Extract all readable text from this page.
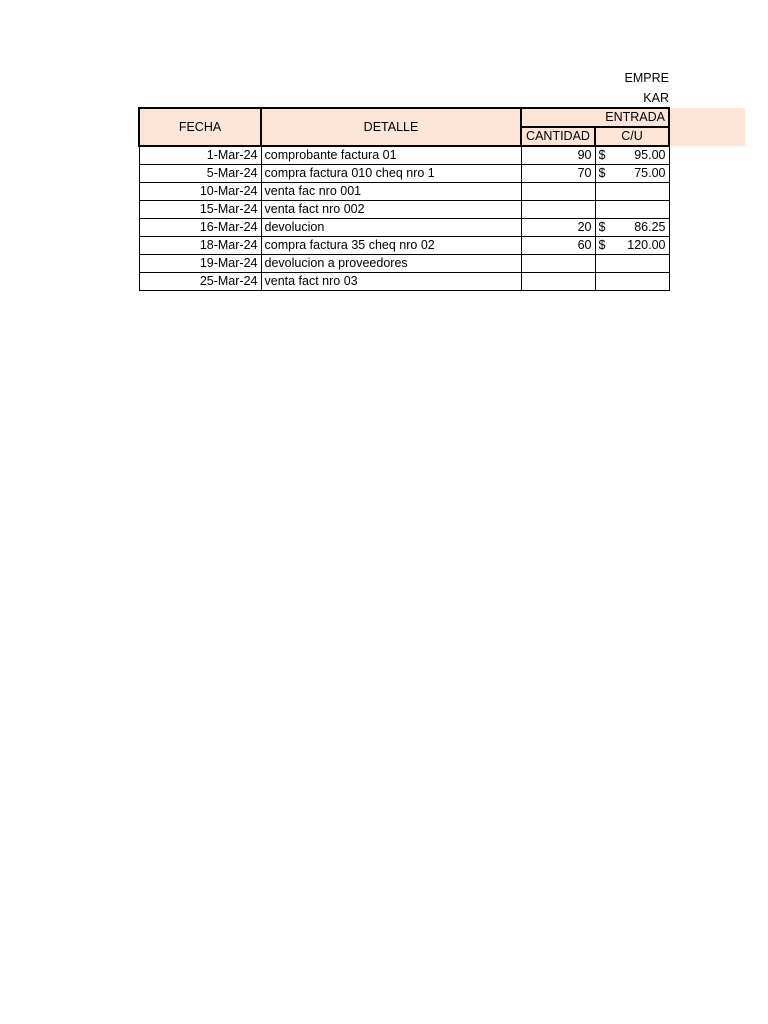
EMPRE
KAR
FECHA	DETALLE	ENTRADA	
		CANTIDAD	C/U
1-Mar-24	comprobante factura 01	90	$ 95.00

5-Mar-24	compra factura 010 cheq nro 1	70	$ 75.00

10-Mar-24	venta fac nro 001		

15-Mar-24	venta fact nro 002		

16-Mar-24	devolucion	20	$ 86.25

18-Mar-24	compra factura 35 cheq nro 02	60	$ 120.00

19-Mar-24	devolucion a proveedores		

25-Mar-24	venta fact nro 03		
